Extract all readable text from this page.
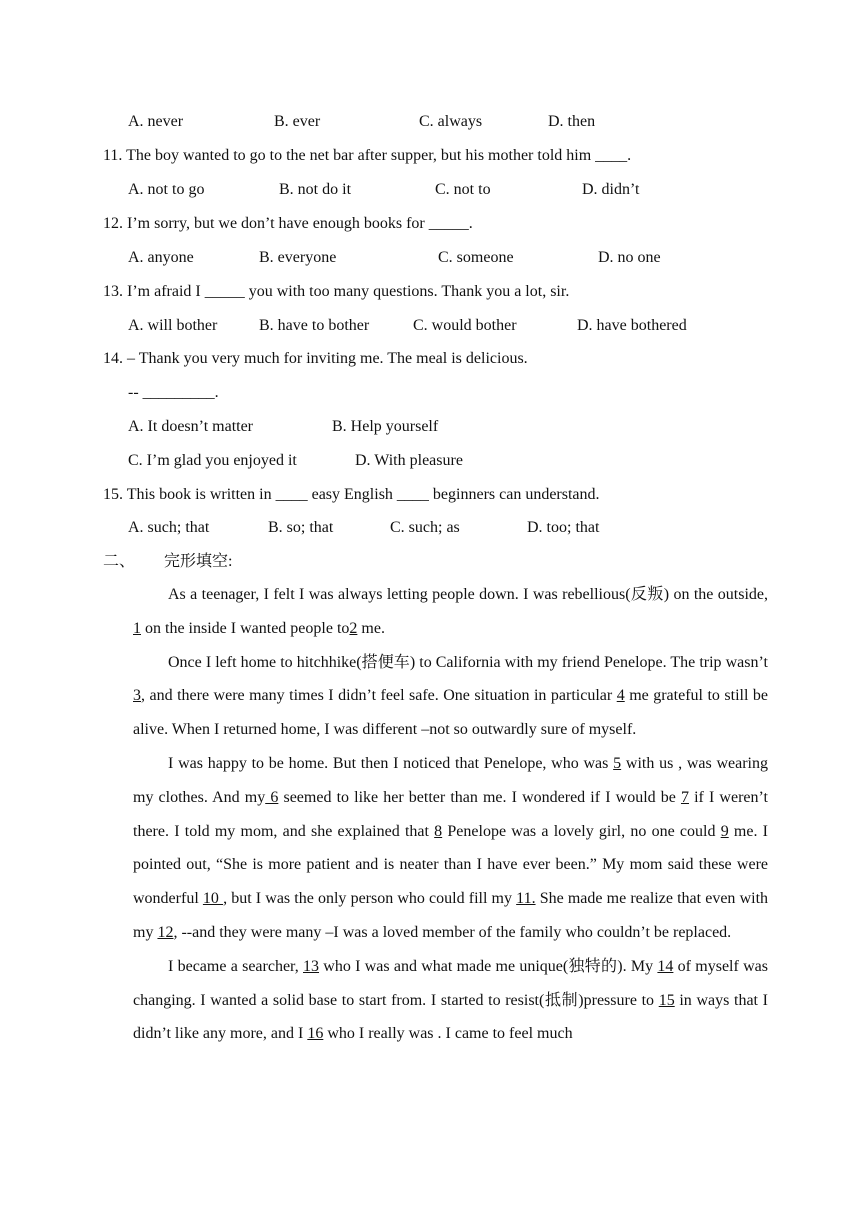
A. never	B. ever	C. always	D. then
11. The boy wanted to go to the net bar after supper, but his mother told him ____.
A. not to go	B. not do it	C. not to	D. didn’t
12. I’m sorry, but we don’t have enough books for _____.
A. anyone	B. everyone	C. someone	D. no one
13. I’m afraid I _____ you with too many questions. Thank you a lot, sir.
A. will bother	B. have to bother	C. would bother	D. have bothered
14. – Thank you very much for inviting me. The meal is delicious.
-- _________.
A. It doesn’t matter	B. Help yourself
C. I’m glad you enjoyed it	D. With pleasure
15. This book is written in ____ easy English ____ beginners can understand.
A. such; that	B. so; that	C. such; as	D. too; that
二、 完形填空:

As a teenager, I felt I was always letting people down. I was rebellious(反叛) on the outside, 1 on the inside I wanted people to2 me.

Once I left home to hitchhike(搭便车) to California with my friend Penelope. The trip wasn’t 3, and there were many times I didn’t feel safe. One situation in particular 4 me grateful to still be alive. When I returned home, I was different –not so outwardly sure of myself.

I was happy to be home. But then I noticed that Penelope, who was 5 with us , was wearing my clothes. And my 6 seemed to like her better than me. I wondered if I would be 7 if I weren’t there. I told my mom, and she explained that 8 Penelope was a lovely girl, no one could 9 me. I pointed out, “She is more patient and is neater than I have ever been.” My mom said these were wonderful 10 , but I was the only person who could fill my 11. She made me realize that even with my 12, --and they were many –I was a loved member of the family who couldn’t be replaced.

I became a searcher, 13 who I was and what made me unique(独特的). My 14 of myself was changing. I wanted a solid base to start from. I started to resist(抵制)pressure to 15 in ways that I didn’t like any more, and I 16 who I really was . I came to feel much
